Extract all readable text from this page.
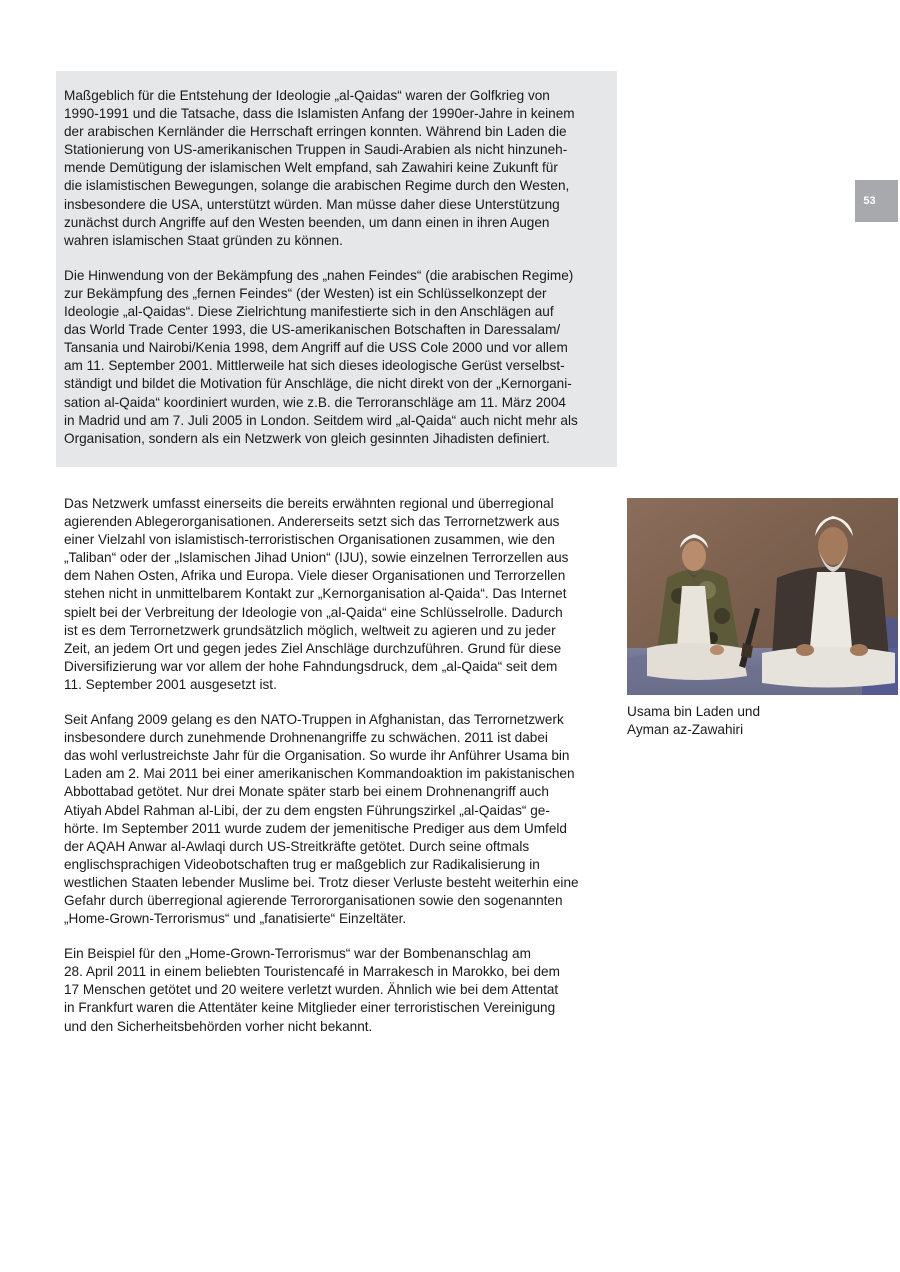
Maßgeblich für die Entstehung der Ideologie „al-Qaidas“ waren der Golfkrieg von
1990-1991 und die Tatsache, dass die Islamisten Anfang der 1990er-Jahre in keinem
der arabischen Kernländer die Herrschaft erringen konnten. Während bin Laden die
Stationierung von US-amerikanischen Truppen in Saudi-Arabien als nicht hinzuneh-
mende Demütigung der islamischen Welt empfand, sah Zawahiri keine Zukunft für
die islamistischen Bewegungen, solange die arabischen Regime durch den Westen,
insbesondere die USA, unterstützt würden. Man müsse daher diese Unterstützung
zunächst durch Angriffe auf den Westen beenden, um dann einen in ihren Augen
wahren islamischen Staat gründen zu können.

Die Hinwendung von der Bekämpfung des „nahen Feindes“ (die arabischen Regime)
zur Bekämpfung des „fernen Feindes“ (der Westen) ist ein Schlüsselkonzept der
Ideologie „al-Qaidas“. Diese Zielrichtung manifestierte sich in den Anschlägen auf
das World Trade Center 1993, die US-amerikanischen Botschaften in Daressalam/
Tansania und Nairobi/Kenia 1998, dem Angriff auf die USS Cole 2000 und vor allem
am 11. September 2001. Mittlerweile hat sich dieses ideologische Gerüst verselbst-
ständigt und bildet die Motivation für Anschläge, die nicht direkt von der „Kernorgani-
sation al-Qaida“ koordiniert wurden, wie z.B. die Terroranschläge am 11. März 2004
in Madrid und am 7. Juli 2005 in London. Seitdem wird „al-Qaida“ auch nicht mehr als
Organisation, sondern als ein Netzwerk von gleich gesinnten Jihadisten definiert.

53

Das Netzwerk umfasst einerseits die bereits erwähnten regional und überregional
agierenden Ablegerorganisationen. Andererseits setzt sich das Terrornetzwerk aus
einer Vielzahl von islamistisch-terroristischen Organisationen zusammen, wie den
„Taliban“ oder der „Islamischen Jihad Union“ (IJU), sowie einzelnen Terrorzellen aus
dem Nahen Osten, Afrika und Europa. Viele dieser Organisationen und Terrorzellen
stehen nicht in unmittelbarem Kontakt zur „Kernorganisation al-Qaida“. Das Internet
spielt bei der Verbreitung der Ideologie von „al-Qaida“ eine Schlüsselrolle. Dadurch
ist es dem Terrornetzwerk grundsätzlich möglich, weltweit zu agieren und zu jeder
Zeit, an jedem Ort und gegen jedes Ziel Anschläge durchzuführen. Grund für diese
Diversifizierung war vor allem der hohe Fahndungsdruck, dem „al-Qaida“ seit dem
11. September 2001 ausgesetzt ist.

Seit Anfang 2009 gelang es den NATO-Truppen in Afghanistan, das Terrornetzwerk
insbesondere durch zunehmende Drohnenangriffe zu schwächen. 2011 ist dabei
das wohl verlustreichste Jahr für die Organisation. So wurde ihr Anführer Usama bin
Laden am 2. Mai 2011 bei einer amerikanischen Kommandoaktion im pakistanischen
Abbottabad getötet. Nur drei Monate später starb bei einem Drohnenangriff auch
Atiyah Abdel Rahman al-Libi, der zu dem engsten Führungszirkel „al-Qaidas“ ge-
hörte. Im September 2011 wurde zudem der jemenitische Prediger aus dem Umfeld
der AQAH Anwar al-Awlaqi durch US-Streitkräfte getötet. Durch seine oftmals
englischsprachigen Videobotschaften trug er maßgeblich zur Radikalisierung in
westlichen Staaten lebender Muslime bei. Trotz dieser Verluste besteht weiterhin eine
Gefahr durch überregional agierende Terrororganisationen sowie den sogenannten
„Home-Grown-Terrorismus“ und „fanatisierte“ Einzeltäter.

Ein Beispiel für den „Home-Grown-Terrorismus“ war der Bombenanschlag am
28. April 2011 in einem beliebten Touristencafé in Marrakesch in Marokko, bei dem
17 Menschen getötet und 20 weitere verletzt wurden. Ähnlich wie bei dem Attentat
in Frankfurt waren die Attentäter keine Mitglieder einer terroristischen Vereinigung
und den Sicherheitsbehörden vorher nicht bekannt.

Usama bin Laden und
Ayman az-Zawahiri
